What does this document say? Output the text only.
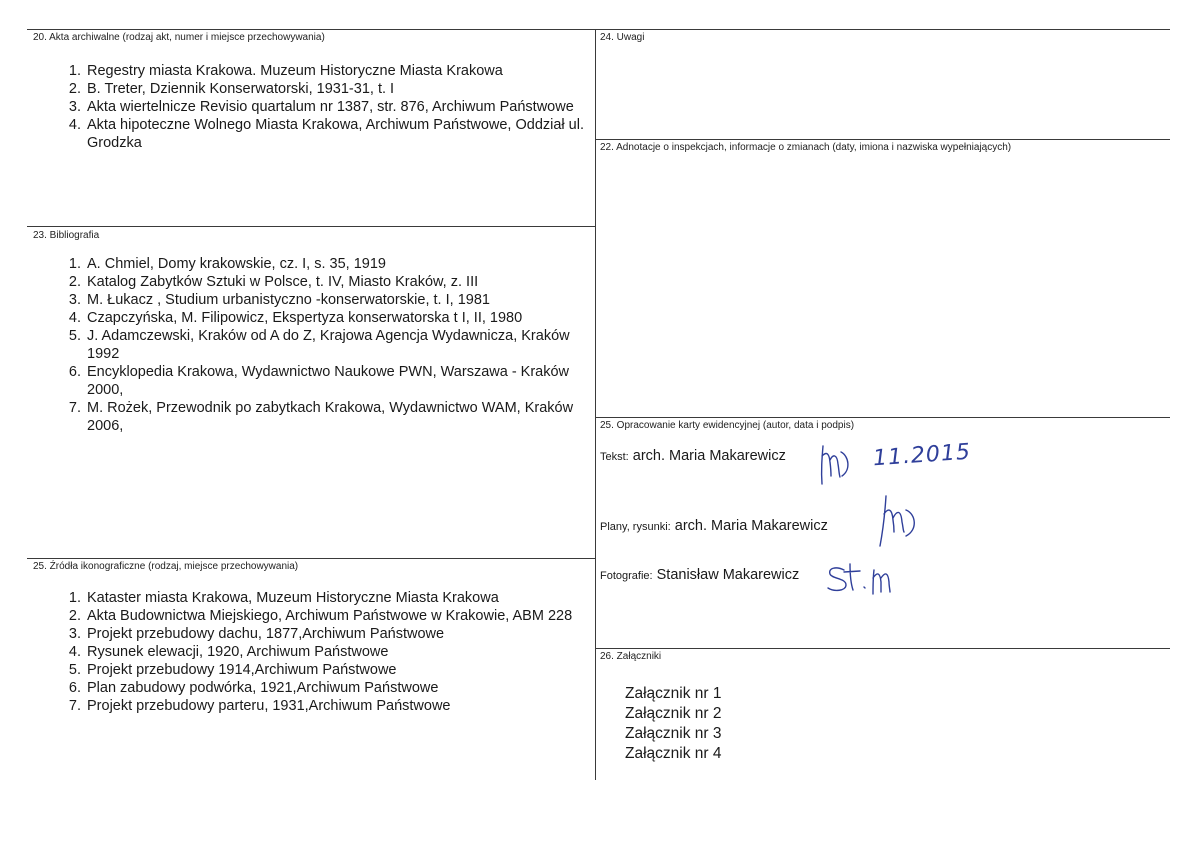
20. Akta archiwalne (rodzaj akt, numer i miejsce przechowywania)
1. Regestry miasta Krakowa. Muzeum Historyczne Miasta Krakowa
2. B. Treter, Dziennik Konserwatorski, 1931-31, t. I
3. Akta wiertelnicze Revisio quartalum nr 1387, str. 876, Archiwum Państwowe
4. Akta hipoteczne Wolnego Miasta Krakowa, Archiwum Państwowe, Oddział ul. Grodzka
23. Bibliografia
1. A. Chmiel, Domy krakowskie, cz. I, s. 35, 1919
2. Katalog Zabytków Sztuki w Polsce, t. IV, Miasto Kraków, z. III
3. M. Łukacz , Studium urbanistyczno -konserwatorskie, t. I, 1981
4. Czapczyńska, M. Filipowicz, Ekspertyza konserwatorska t I, II, 1980
5. J. Adamczewski, Kraków od A do Z, Krajowa Agencja Wydawnicza, Kraków 1992
6. Encyklopedia Krakowa, Wydawnictwo Naukowe PWN, Warszawa - Kraków 2000,
7. M. Rożek, Przewodnik po zabytkach Krakowa, Wydawnictwo WAM, Kraków 2006,
25. Źródła ikonograficzne (rodzaj, miejsce przechowywania)
1. Kataster miasta Krakowa, Muzeum Historyczne Miasta Krakowa
2. Akta Budownictwa Miejskiego, Archiwum Państwowe w Krakowie, ABM 228
3. Projekt przebudowy dachu, 1877,Archiwum Państwowe
4. Rysunek elewacji, 1920, Archiwum Państwowe
5. Projekt przebudowy 1914,Archiwum Państwowe
6. Plan zabudowy podwórka, 1921,Archiwum Państwowe
7. Projekt przebudowy parteru, 1931,Archiwum Państwowe
24. Uwagi
22. Adnotacje o inspekcjach, informacje o zmianach (daty, imiona i nazwiska wypełniających)
25. Opracowanie karty ewidencyjnej (autor, data i podpis)
Tekst: arch. Maria Makarewicz	11.2015
Plany, rysunki: arch. Maria Makarewicz
Fotografie: Stanisław Makarewicz
26. Załączniki
Załącznik nr 1
Załącznik nr 2
Załącznik nr 3
Załącznik nr 4
